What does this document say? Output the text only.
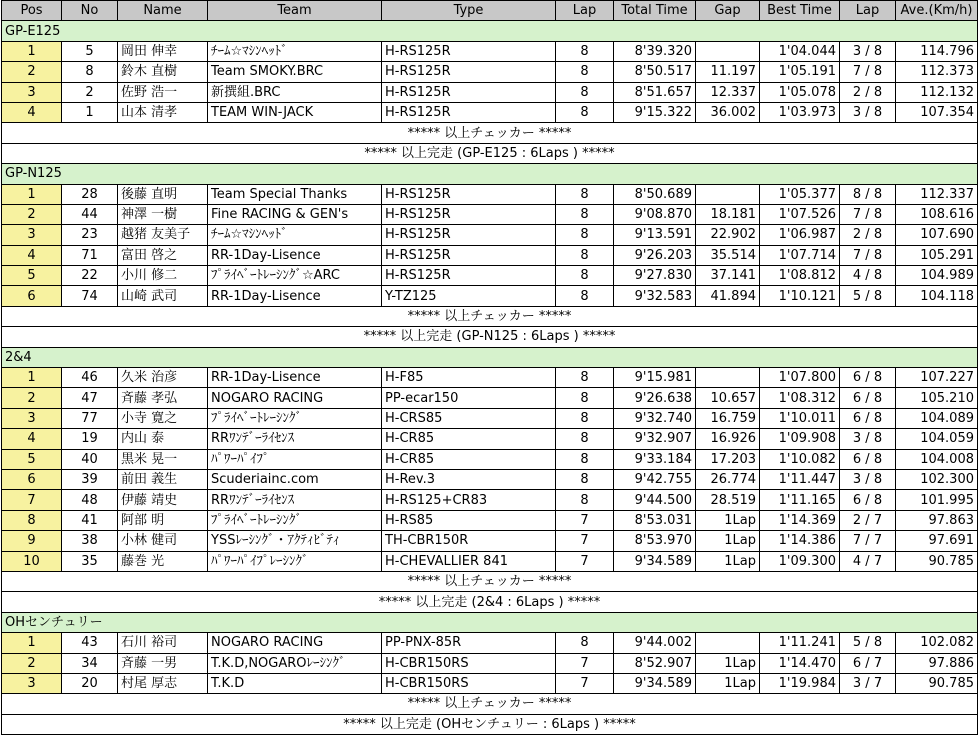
Pos	No	Name	Team	Type	Lap	Total Time	Gap	Best Time	Lap	Ave.(Km/h)
GP-E125										
1	5	岡田 伸幸	ﾁｰﾑ☆ﾏｼﾝﾍｯﾄﾞ	H-RS125R	8	8'39.320		1'04.044	3 / 8	114.796
2	8	鈴木 直樹	Team SMOKY.BRC	H-RS125R	8	8'50.517	11.197	1'05.191	7 / 8	112.373
3	2	佐野 浩一	新撰組.BRC	H-RS125R	8	8'51.657	12.337	1'05.078	2 / 8	112.132
4	1	山本 清孝	TEAM WIN-JACK	H-RS125R	8	9'15.322	36.002	1'03.973	3 / 8	107.354
***** 以上チェッカー *****										
***** 以上完走 (GP-E125 : 6Laps ) *****										
GP-N125										
1	28	後藤 直明	Team Special Thanks	H-RS125R	8	8'50.689		1'05.377	8 / 8	112.337
2	44	神澤 一樹	Fine RACING & GEN's	H-RS125R	8	9'08.870	18.181	1'07.526	7 / 8	108.616
3	23	越猪 友美子	ﾁｰﾑ☆ﾏｼﾝﾍｯﾄﾞ	H-RS125R	8	9'13.591	22.902	1'06.987	2 / 8	107.690
4	71	富田 啓之	RR-1Day-Lisence	H-RS125R	8	9'26.203	35.514	1'07.714	7 / 8	105.291
5	22	小川 修二	ﾌﾟﾗｲﾍﾞｰﾄﾚｰｼﾝｸﾞ☆ARC	H-RS125R	8	9'27.830	37.141	1'08.812	4 / 8	104.989
6	74	山崎 武司	RR-1Day-Lisence	Y-TZ125	8	9'32.583	41.894	1'10.121	5 / 8	104.118
***** 以上チェッカー *****										
***** 以上完走 (GP-N125 : 6Laps ) *****										
2&4										
1	46	久米 治彦	RR-1Day-Lisence	H-F85	8	9'15.981		1'07.800	6 / 8	107.227
2	47	斉藤 孝弘	NOGARO RACING	PP-ecar150	8	9'26.638	10.657	1'08.312	6 / 8	105.210
3	77	小寺 寛之	ﾌﾟﾗｲﾍﾞｰﾄﾚｰｼﾝｸﾞ	H-CRS85	8	9'32.740	16.759	1'10.011	6 / 8	104.089
4	19	内山 泰	RRﾜﾝﾃﾞｰﾗｲｾﾝｽ	H-CR85	8	9'32.907	16.926	1'09.908	3 / 8	104.059
5	40	黒米 晃一	ﾊﾟﾜｰﾊﾟｲﾌﾟ	H-CR85	8	9'33.184	17.203	1'10.082	6 / 8	104.008
6	39	前田 義生	Scuderiainc.com	H-Rev.3	8	9'42.755	26.774	1'11.447	3 / 8	102.300
7	48	伊藤 靖史	RRﾜﾝﾃﾞｰﾗｲｾﾝｽ	H-RS125+CR83	8	9'44.500	28.519	1'11.165	6 / 8	101.995
8	41	阿部 明	ﾌﾟﾗｲﾍﾞｰﾄﾚｰｼﾝｸﾞ	H-RS85	7	8'53.031	1Lap	1'14.369	2 / 7	97.863
9	38	小林 健司	YSSﾚｰｼﾝｸﾞ・ｱｸﾃｨﾋﾞﾃｨ	TH-CBR150R	7	8'53.970	1Lap	1'14.386	7 / 7	97.691
10	35	藤巻 光	ﾊﾟﾜｰﾊﾟｲﾌﾟﾚｰｼﾝｸﾞ	H-CHEVALLIER 841	7	9'34.589	1Lap	1'09.300	4 / 7	90.785
***** 以上チェッカー *****										
***** 以上完走 (2&4 : 6Laps ) *****										
OHセンチュリー										
1	43	石川 裕司	NOGARO RACING	PP-PNX-85R	8	9'44.002		1'11.241	5 / 8	102.082
2	34	斉藤 一男	T.K.D,NOGAROﾚｰｼﾝｸﾞ	H-CBR150RS	7	8'52.907	1Lap	1'14.470	6 / 7	97.886
3	20	村尾 厚志	T.K.D	H-CBR150RS	7	9'34.589	1Lap	1'19.984	3 / 7	90.785
***** 以上チェッカー *****										
***** 以上完走 (OHセンチュリー : 6Laps ) *****										
